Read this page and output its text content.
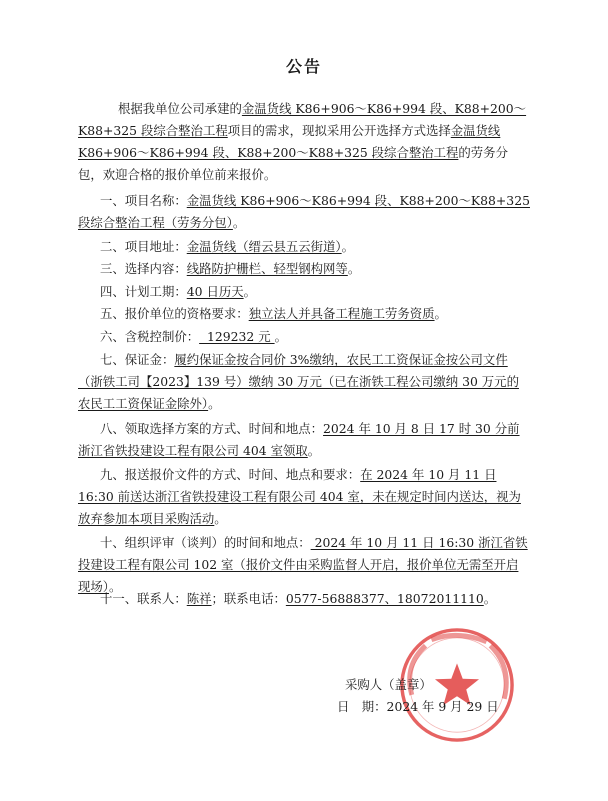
公告
根据我单位公司承建的金温货线 K86+906～K86+994 段、K88+200～K88+325 段综合整治工程项目的需求，现拟采用公开选择方式选择金温货线 K86+906～K86+994 段、K88+200～K88+325 段综合整治工程的劳务分包，欢迎合格的报价单位前来报价。
一、项目名称：金温货线 K86+906～K86+994 段、K88+200～K88+325 段综合整治工程（劳务分包）。
二、项目地址：金温货线（缙云县五云街道）。
三、选择内容：线路防护栅栏、轻型钢构网等。
四、计划工期：40 日历天。
五、报价单位的资格要求：独立法人并具备工程施工劳务资质。
六、含税控制价：  129232 元 。
七、保证金：履约保证金按合同价 3%缴纳，农民工工资保证金按公司文件（浙铁工司【2023】139 号）缴纳 30 万元（已在浙铁工程公司缴纳 30 万元的农民工工资保证金除外）。
八、领取选择方案的方式、时间和地点：2024 年 10 月 8 日 17 时 30 分前浙江省铁投建设工程有限公司 404 室领取。
九、报送报价文件的方式、时间、地点和要求：在 2024 年 10 月 11 日 16:30 前送达浙江省铁投建设工程有限公司 404 室，未在规定时间内送达，视为放弃参加本项目采购活动。
十、组织评审（谈判）的时间和地点： 2024 年 10 月 11 日 16:30 浙江省铁投建设工程有限公司 102 室（报价文件由采购监督人开启，报价单位无需至开启现场）。
十一、联系人：陈祥；联系电话：0577-56888377、18072011110。
采购人（盖章）
日　期：2024 年 9 月 29 日
